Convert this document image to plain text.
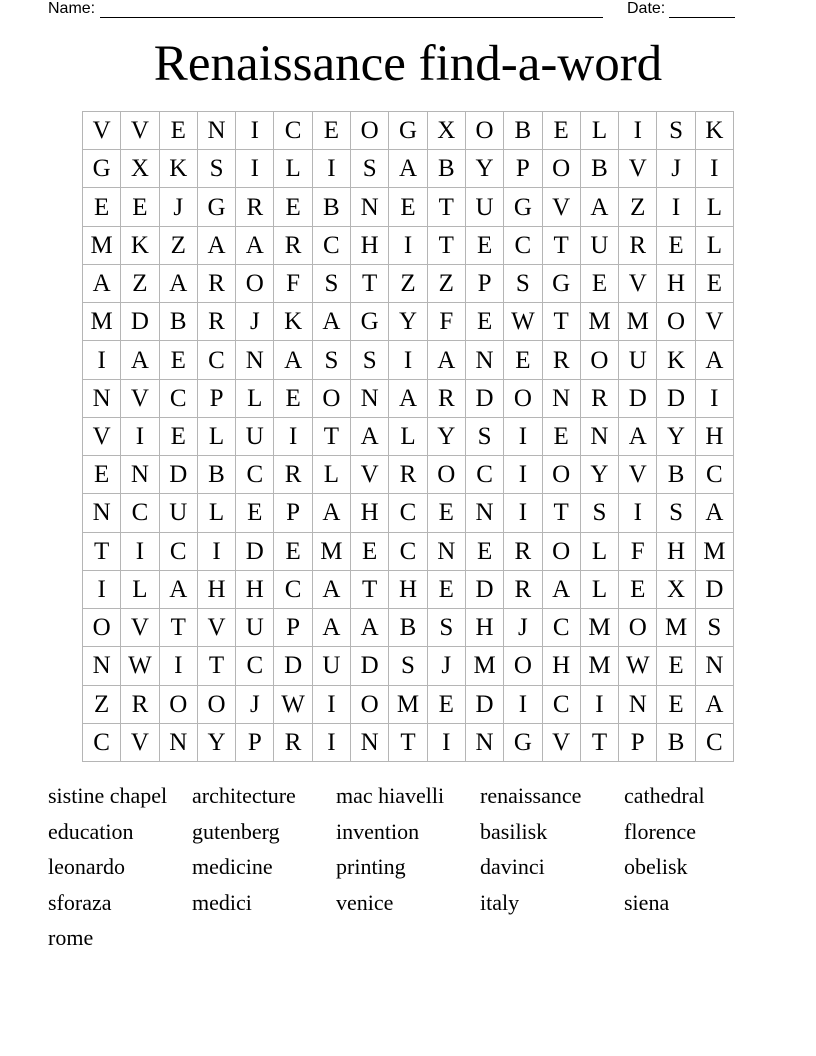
Name:	Date:
Renaissance find-a-word
V V E N	I	C E O G X O B E L	I	S K
G X K S	I	L	I	S A B Y P O B V J	I
E E	J G R E B N E T U G V A Z	I	L
M K Z A A R C H	I	T E C T U R E L
A Z A R O F S T Z Z P S G E V H E
M D B R	J K A G Y F E W T M M O V
I	A E C N A S S	I	A N E R O U K A
N V C P L E O N A R D O N R D D	I
V	I	E L U	I	T A L Y S	I	E N A Y H
E N D B C R L V R O C	I	O Y V B C
N C U L E P A H C E N	I	T S	I	S A
T	I	C	I	D E M E C N E R O L F H M
I	L A H H C A T H E D R A L E X D
O V T V U P A A B S H J	C M O M S
N W I	T C D U D S	J M O H M W E N
Z R O O J W I	O M E D	I	C	I	N E A
C V N Y P R	I	N T	I	N G V T P B C
sistine chapel	architecture	mac hiavelli	renaissance	cathedral
education	gutenberg	invention	basilisk	florence
leonardo	medicine	printing	davinci	obelisk
sforaza	medici	venice	italy	siena
rome
